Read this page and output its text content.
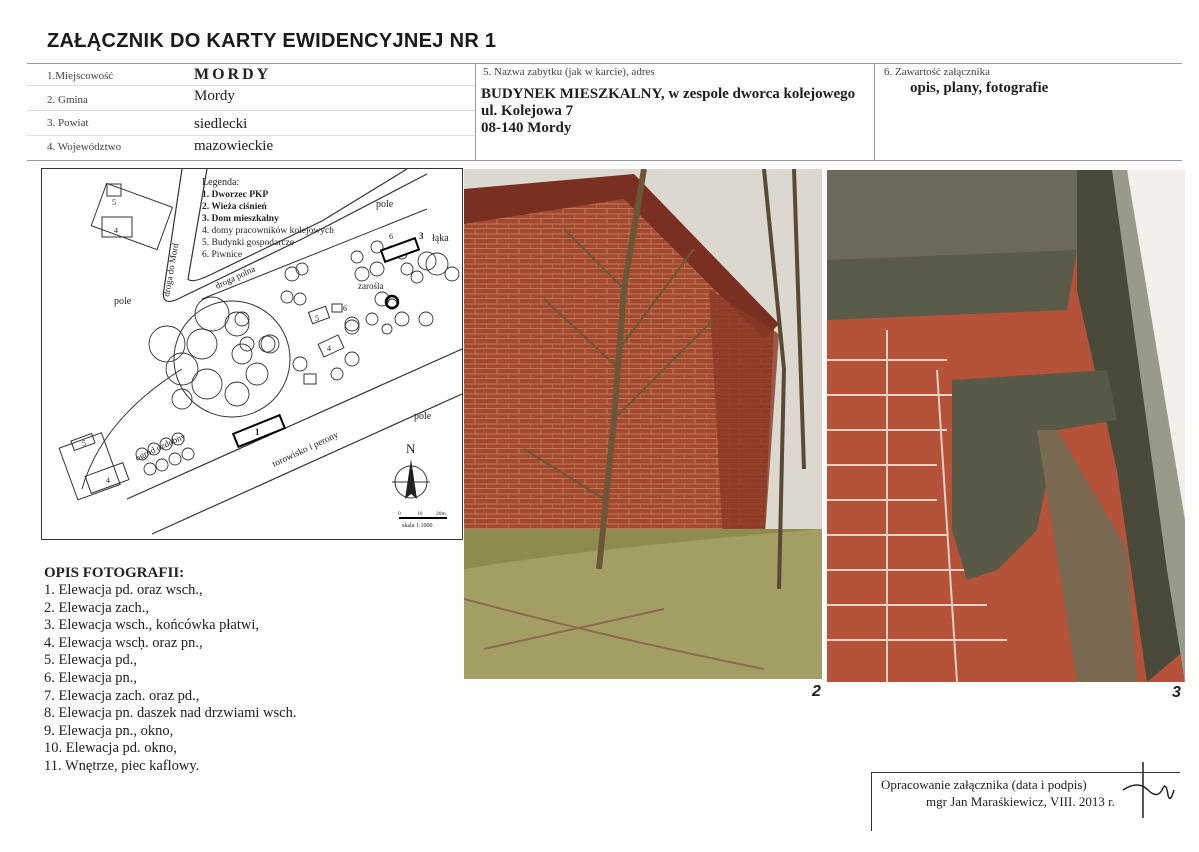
ZAŁĄCZNIK DO KARTY EWIDENCYJNEJ NR 1
1.Miejscowość	MORDY
2. Gmina	Mordy
3. Powiat	siedlecki
4. Województwo	mazowieckie
5. Nazwa zabytku (jak w karcie), adres
BUDYNEK MIESZKALNY, w zespole dworca kolejowego
ul. Kolejowa 7
08-140 Mordy
6. Zawartość załącznika
opis, plany, fotografie
Legenda:
1. Dworzec PKP
2. Wieża ciśnień
3. Dom mieszkalny
4. domy pracowników kolejowych
5. Budynki gospodarcze
6. Piwnice
pole
łąka
pole
droga do Mord	droga polna	zarośla
ogród ozdobny	torowisko i perony
pole
5
4
6	3
5
6
4
1
5
4
N
0	10 20m
skala 1:1000
2	3
OPIS FOTOGRAFII:
1. Elewacja pd. oraz wsch.,
2. Elewacja zach.,
3. Elewacja wsch., końcówka płatwi,
4. Elewacja wscḥ. oraz pn.,
5. Elewacja pd.,
6. Elewacja pn.,
7. Elewacja zach. oraz pd.,
8. Elewacja pn. daszek nad drzwiami wsch.
9. Elewacja pn., okno,
10. Elewacja pd. okno,
11. Wnętrze, piec kaflowy.
Opracowanie załącznika (data i podpis)
mgr Jan Maraśkiewicz, VIII. 2013 r.
